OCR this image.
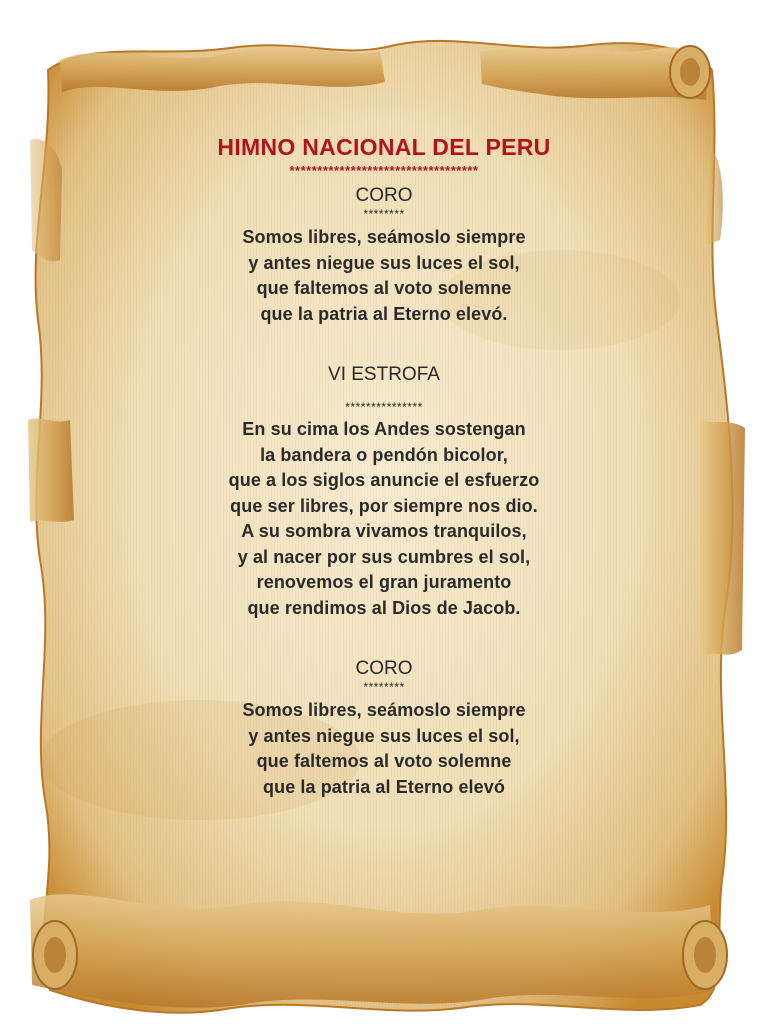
HIMNO NACIONAL DEL PERU
**********************************
CORO
********
Somos libres, seámoslo siempre
y antes niegue sus luces el sol,
que faltemos al voto solemne
que la patria al Eterno elevó.
VI ESTROFA
***************
En su cima los Andes sostengan
la bandera o pendón bicolor,
que a los siglos anuncie el esfuerzo
que ser libres, por siempre nos dio.
A su sombra vivamos tranquilos,
y al nacer por sus cumbres el sol,
renovemos el gran juramento
que rendimos al Dios de Jacob.
CORO
********
Somos libres, seámoslo siempre
y antes niegue sus luces el sol,
que faltemos al voto solemne
que la patria al Eterno elevó
